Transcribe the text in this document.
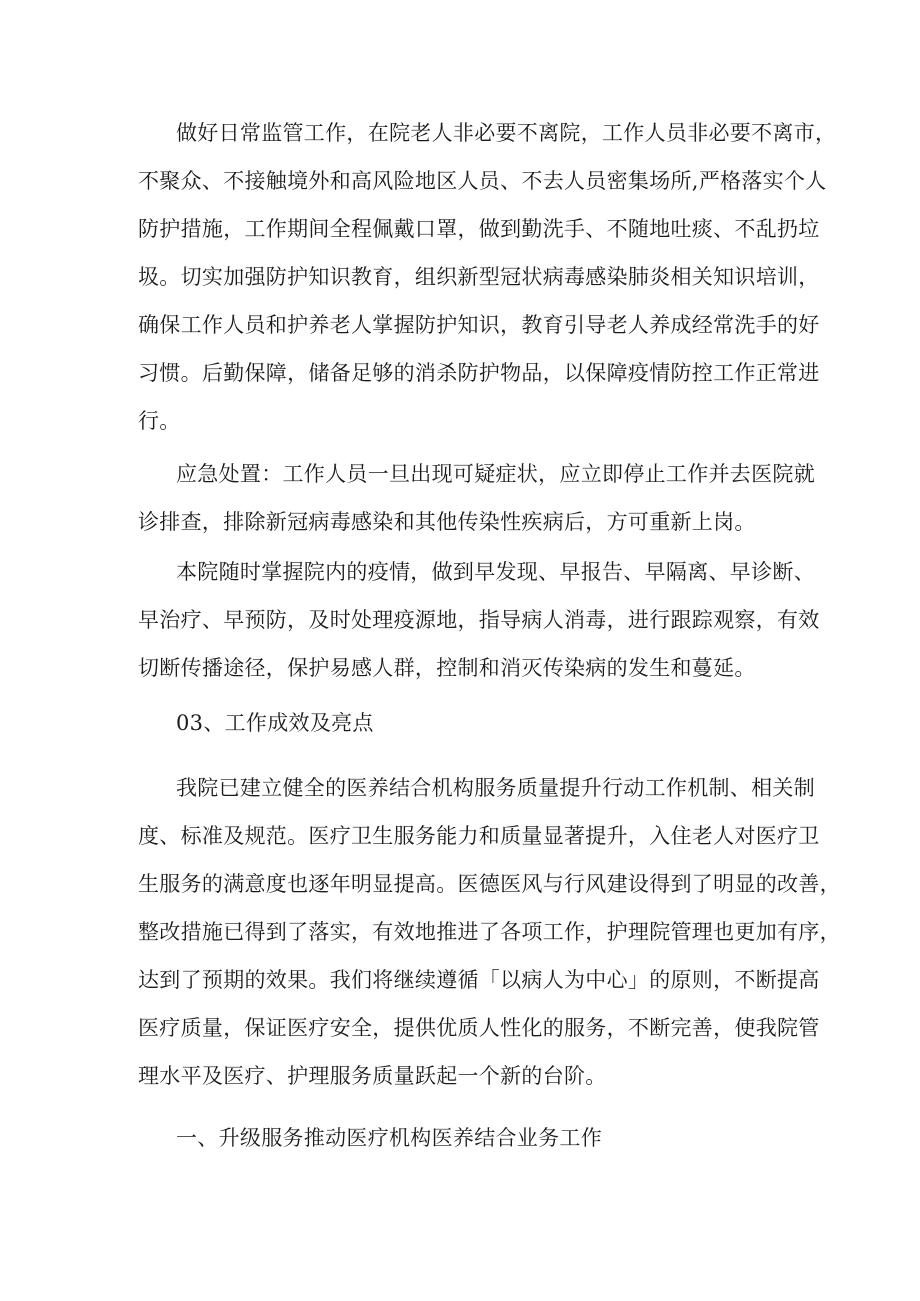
做好日常监管工作，在院老人非必要不离院，工作人员非必要不离市，
不聚众、不接触境外和高风险地区人员、不去人员密集场所,严格落实个人
防护措施，工作期间全程佩戴口罩，做到勤洗手、不随地吐痰、不乱扔垃
圾。切实加强防护知识教育，组织新型冠状病毒感染肺炎相关知识培训，
确保工作人员和护养老人掌握防护知识，教育引导老人养成经常洗手的好
习惯。后勤保障，储备足够的消杀防护物品，以保障疫情防控工作正常进
行。
应急处置：工作人员一旦出现可疑症状，应立即停止工作并去医院就
诊排查，排除新冠病毒感染和其他传染性疾病后，方可重新上岗。
本院随时掌握院内的疫情，做到早发现、早报告、早隔离、早诊断、
早治疗、早预防，及时处理疫源地，指导病人消毒，进行跟踪观察，有效
切断传播途径，保护易感人群，控制和消灭传染病的发生和蔓延。
03、工作成效及亮点
我院已建立健全的医养结合机构服务质量提升行动工作机制、相关制
度、标准及规范。医疗卫生服务能力和质量显著提升，入住老人对医疗卫
生服务的满意度也逐年明显提高。医德医风与行风建设得到了明显的改善，
整改措施已得到了落实，有效地推进了各项工作，护理院管理也更加有序，
达到了预期的效果。我们将继续遵循「以病人为中心」的原则，不断提高
医疗质量，保证医疗安全，提供优质人性化的服务，不断完善，使我院管
理水平及医疗、护理服务质量跃起一个新的台阶。
一、升级服务推动医疗机构医养结合业务工作
